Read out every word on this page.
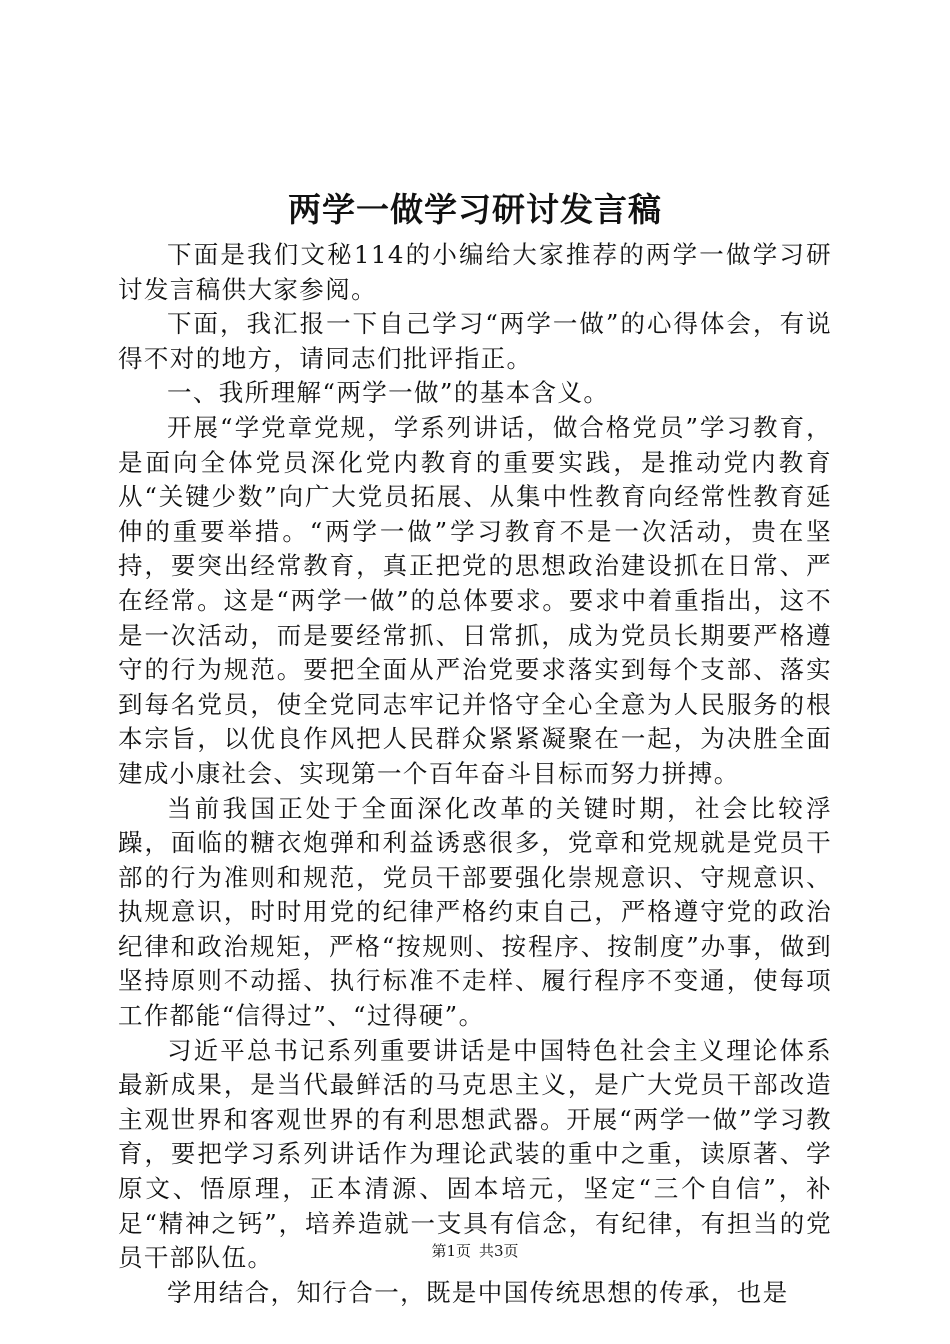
两学一做学习研讨发言稿

下面是我们文秘114的小编给大家推荐的两学一做学习研讨发言稿供大家参阅。

下面，我汇报一下自己学习“两学一做”的心得体会，有说得不对的地方，请同志们批评指正。

一、我所理解“两学一做”的基本含义。

开展“学党章党规，学系列讲话，做合格党员”学习教育，是面向全体党员深化党内教育的重要实践，是推动党内教育从“关键少数”向广大党员拓展、从集中性教育向经常性教育延伸的重要举措。“两学一做”学习教育不是一次活动，贵在坚持，要突出经常教育，真正把党的思想政治建设抓在日常、严在经常。这是“两学一做”的总体要求。要求中着重指出，这不是一次活动，而是要经常抓、日常抓，成为党员长期要严格遵守的行为规范。要把全面从严治党要求落实到每个支部、落实到每名党员，使全党同志牢记并恪守全心全意为人民服务的根本宗旨，以优良作风把人民群众紧紧凝聚在一起，为决胜全面建成小康社会、实现第一个百年奋斗目标而努力拼搏。

当前我国正处于全面深化改革的关键时期，社会比较浮躁，面临的糖衣炮弹和利益诱惑很多，党章和党规就是党员干部的行为准则和规范，党员干部要强化崇规意识、守规意识、执规意识，时时用党的纪律严格约束自己，严格遵守党的政治纪律和政治规矩，严格“按规则、按程序、按制度”办事，做到坚持原则不动摇、执行标准不走样、履行程序不变通，使每项工作都能“信得过”、“过得硬”。

习近平总书记系列重要讲话是中国特色社会主义理论体系最新成果，是当代最鲜活的马克思主义，是广大党员干部改造主观世界和客观世界的有利思想武器。开展“两学一做”学习教育，要把学习系列讲话作为理论武装的重中之重，读原著、学原文、悟原理，正本清源、固本培元，坚定“三个自信”，补足“精神之钙”，培养造就一支具有信念，有纪律，有担当的党员干部队伍。

学用结合，知行合一，既是中国传统思想的传承，也是

第1页 共3页
